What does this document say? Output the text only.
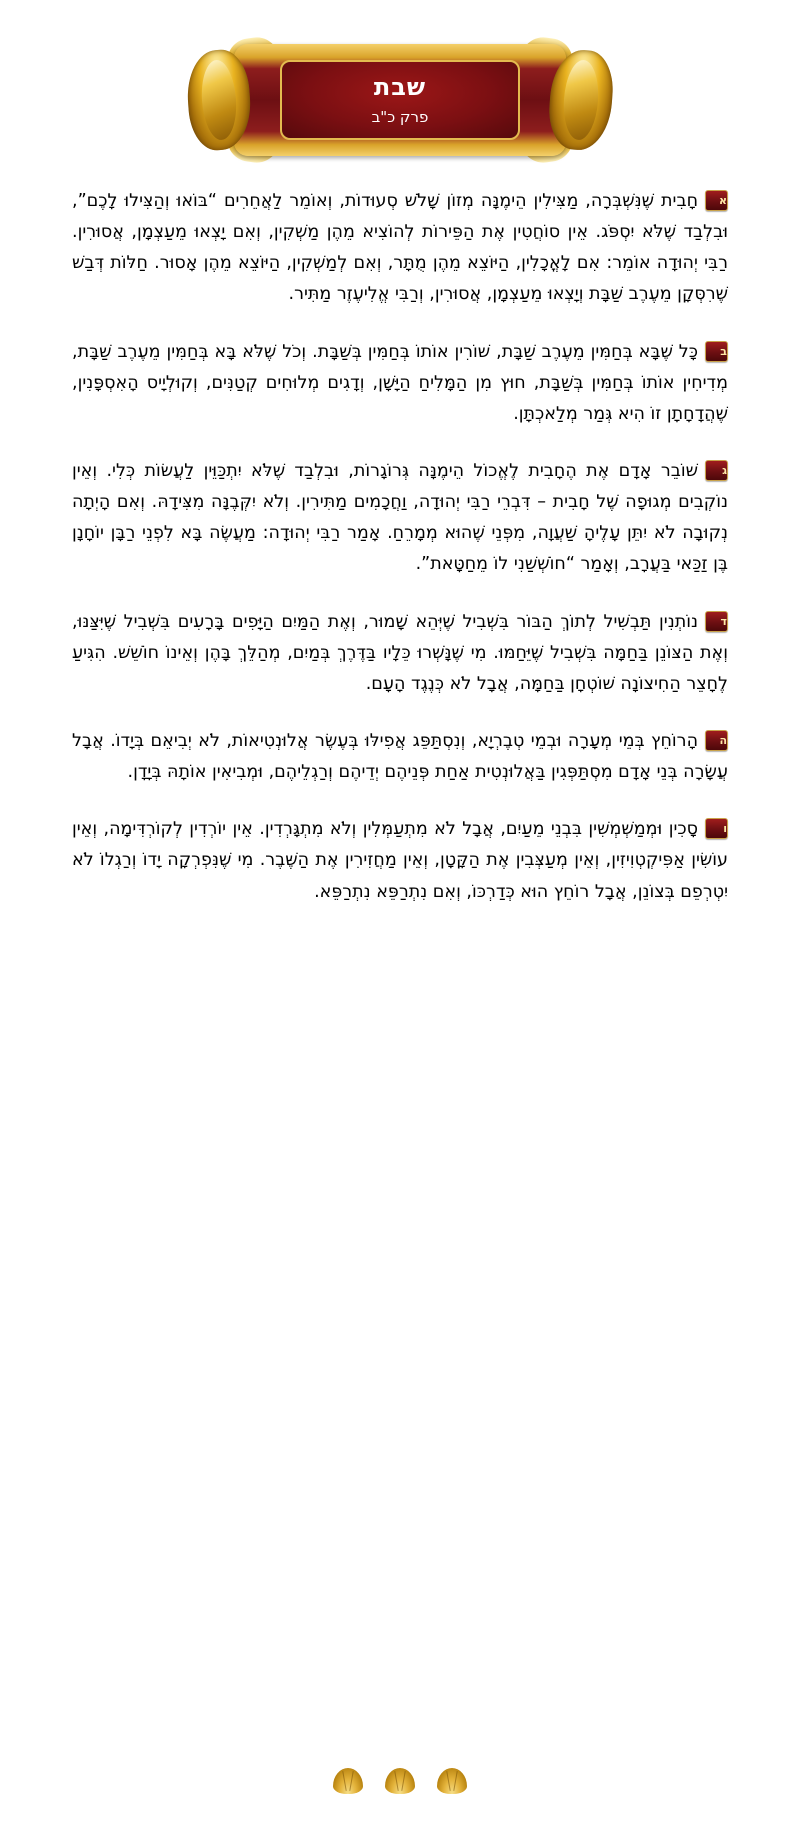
שבת
פרק כ"ב

אחָבִית שֶׁנִּשְׁבְּרָה, מַצִּילִין הֵימֶנָּה מְזוֹן שָׁלֹשׁ סְעוּדוֹת, וְאוֹמֵר לַאֲחֵרִים “בּוֹאוּ וְהַצִּילוּ לָכֶם”, וּבִלְבַד שֶׁלֹּא יִסְפֹּג. אֵין סוֹחֲטִין אֶת הַפֵּירוֹת לְהוֹצִיא מֵהֶן מַשְׁקִין, וְאִם יָצְאוּ מֵעַצְמָן, אֲסוּרִין. רַבִּי יְהוּדָה אוֹמֵר: אִם לָאֳכָלִין, הַיּוֹצֵא מֵהֶן מֻתָּר, וְאִם לְמַשְׁקִין, הַיּוֹצֵא מֵהֶן אָסוּר. חַלּוֹת דְּבַשׁ שֶׁרִסְּקָן מֵעֶרֶב שַׁבָּת וְיָצְאוּ מֵעַצְמָן, אֲסוּרִין, וְרַבִּי אֱלִיעֶזֶר מַתִּיר.

בכָּל שֶׁבָּא בְּחַמִּין מֵעֶרֶב שַׁבָּת, שׁוֹרִין אוֹתוֹ בְּחַמִּין בְּשַׁבָּת. וְכֹל שֶׁלֹּא בָּא בְּחַמִּין מֵעֶרֶב שַׁבָּת, מְדִיחִין אוֹתוֹ בְּחַמִּין בְּשַׁבָּת, חוּץ מִן הַמָּלִיחַ הַיָּשָׁן, וְדָגִים מְלוּחִים קְטַנִּים, וְקוּלְיָיס הָאִסְפָּנִין, שֶׁהֲדָחָתָן זוֹ הִיא גְּמַר מְלַאכְתָּן.

גשׁוֹבֵר אָדָם אֶת הֶחָבִית לֶאֱכוֹל הֵימֶנָּה גְּרוֹגָרוֹת, וּבִלְבַד שֶׁלֹּא יִתְכַּוֵּין לַעֲשׂוֹת כְּלִי. וְאֵין נוֹקְבִים מְגוּפָה שֶׁל חָבִית – דִּבְרֵי רַבִּי יְהוּדָה, וַחֲכָמִים מַתִּירִין. וְלֹא יִקְּבֶנָּה מִצִּידָהּ. וְאִם הָיְתָה נְקוּבָה לֹא יִתֵּן עָלֶיהָ שַׁעֲוָה, מִפְּנֵי שֶׁהוּא מְמָרֵחַ. אָמַר רַבִּי יְהוּדָה: מַעֲשֶׂה בָּא לִפְנֵי רַבָּן יוֹחָנָן בֶּן זַכַּאי בַּעֲרָב, וְאָמַר “חוֹשְׁשַׁנִי לוֹ מֵחַטָּאת”.

דנוֹתְנִין תַּבְשִׁיל לְתוֹךְ הַבּוֹר בִּשְׁבִיל שֶׁיְּהֵא שָׁמוּר, וְאֶת הַמַּיִם הַיָּפִים בָּרָעִים בִּשְׁבִיל שֶׁיִּצַּנּוּ, וְאֶת הַצּוֹנֵן בַּחַמָּה בִּשְׁבִיל שֶׁיֵּחַמּוּ. מִי שֶׁנָּשְׁרוּ כֵּלָיו בַּדֶּרֶךְ בְּמַיִם, מְהַלֵּךְ בָּהֶן וְאֵינוֹ חוֹשֵׁשׁ. הִגִּיעַ לֶחָצֵר הַחִיצוֹנָה שׁוֹטְחָן בַּחַמָּה, אֲבָל לֹא כְּנֶגֶד הָעָם.

ההָרוֹחֵץ בְּמֵי מְעָרָה וּבְמֵי טְבֶרְיָא, וְנִסְתַּפֵּג אֲפִילּוּ בְּעֶשֶׂר אֲלוּנְטִיאוֹת, לֹא יְבִיאֵם בְּיָדוֹ. אֲבָל עֲשָׂרָה בְּנֵי אָדָם מִסְתַּפְּגִין בַּאֲלוּנְטִית אַחַת פְּנֵיהֶם יְדֵיהֶם וְרַגְלֵיהֶם, וּמְבִיאִין אוֹתָהּ בְּיָדָן.

וסָכִין וּמְמַשְׁמְשִׁין בִּבְנֵי מֵעַיִם, אֲבָל לֹא מִתְעַמְּלִין וְלֹא מִתְגָּרְדִין. אֵין יוֹרְדִין לְקוֹרְדִּימָה, וְאֵין עוֹשִׂין אַפִּיקְטְוִיזִין, וְאֵין מְעַצְּבִין אֶת הַקָּטָן, וְאֵין מַחֲזִירִין אֶת הַשֶּׁבֶר. מִי שֶׁנִּפְרְקָה יָדוֹ וְרַגְלוֹ לֹא יִטְרְפֵם בְּצוֹנֵן, אֲבָל רוֹחֵץ הוּא כְּדַרְכּוֹ, וְאִם נִתְרַפֵּא נִתְרַפֵּא.
